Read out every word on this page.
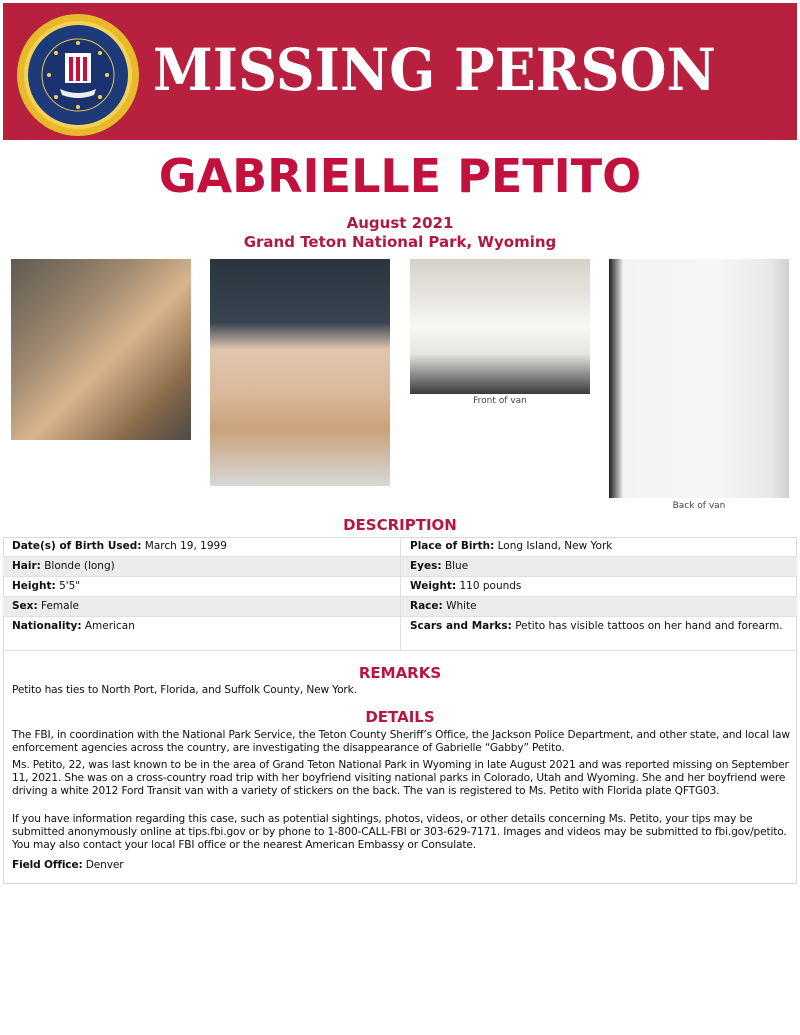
MISSING PERSON
GABRIELLE PETITO
August 2021
Grand Teton National Park, Wyoming
Front of van
Back of van
DESCRIPTION
Date(s) of Birth Used: March 19, 1999	Place of Birth: Long Island, New York
Hair: Blonde (long)	Eyes: Blue
Height: 5'5"	Weight: 110 pounds
Sex: Female	Race: White
Nationality: American	Scars and Marks: Petito has visible tattoos on her hand and forearm.
REMARKS
Petito has ties to North Port, Florida, and Suffolk County, New York.
DETAILS
The FBI, in coordination with the National Park Service, the Teton County Sheriff’s Office, the Jackson Police Department, and other state, and local law enforcement agencies across the country, are investigating the disappearance of Gabrielle “Gabby” Petito.
Ms. Petito, 22, was last known to be in the area of Grand Teton National Park in Wyoming in late August 2021 and was reported missing on September 11, 2021. She was on a cross-country road trip with her boyfriend visiting national parks in Colorado, Utah and Wyoming. She and her boyfriend were driving a white 2012 Ford Transit van with a variety of stickers on the back. The van is registered to Ms. Petito with Florida plate QFTG03.
If you have information regarding this case, such as potential sightings, photos, videos, or other details concerning Ms. Petito, your tips may be submitted anonymously online at tips.fbi.gov or by phone to 1-800-CALL-FBI or 303-629-7171. Images and videos may be submitted to fbi.gov/petito. You may also contact your local FBI office or the nearest American Embassy or Consulate.
Field Office: Denver
